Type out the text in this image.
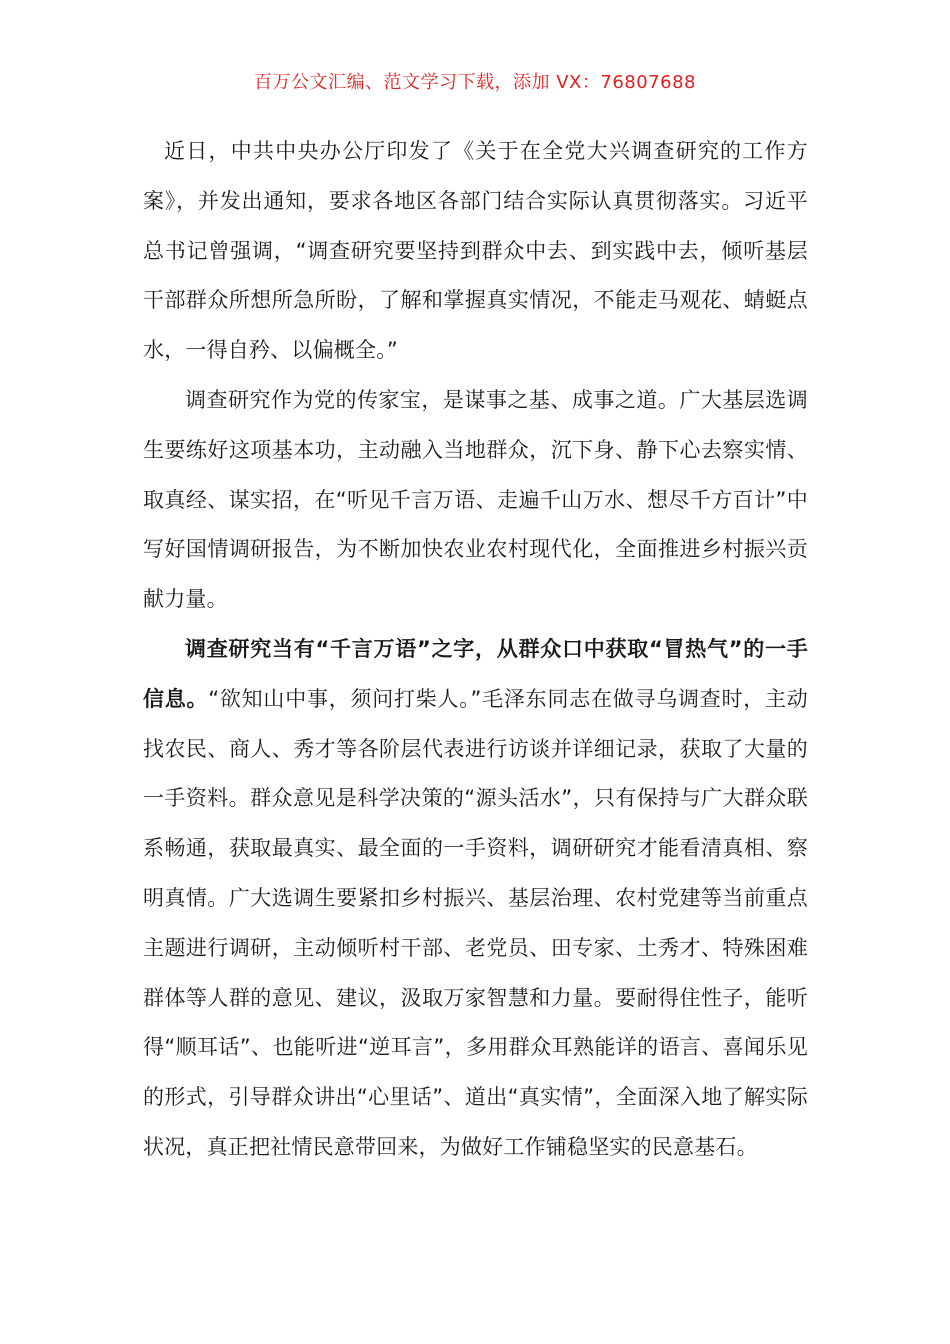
百万公文汇编、范文学习下载，添加 VX：76807688

近日，中共中央办公厅印发了《关于在全党大兴调查研究的工作方案》，并发出通知，要求各地区各部门结合实际认真贯彻落实。习近平总书记曾强调，“调查研究要坚持到群众中去、到实践中去，倾听基层干部群众所想所急所盼，了解和掌握真实情况，不能走马观花、蜻蜓点水，一得自矜、以偏概全。”

调查研究作为党的传家宝，是谋事之基、成事之道。广大基层选调生要练好这项基本功，主动融入当地群众，沉下身、静下心去察实情、取真经、谋实招，在“听见千言万语、走遍千山万水、想尽千方百计”中写好国情调研报告，为不断加快农业农村现代化，全面推进乡村振兴贡献力量。

调查研究当有“千言万语”之字，从群众口中获取“冒热气”的一手信息。“欲知山中事，须问打柴人。”毛泽东同志在做寻乌调查时，主动找农民、商人、秀才等各阶层代表进行访谈并详细记录，获取了大量的一手资料。群众意见是科学决策的“源头活水”，只有保持与广大群众联系畅通，获取最真实、最全面的一手资料，调研研究才能看清真相、察明真情。广大选调生要紧扣乡村振兴、基层治理、农村党建等当前重点主题进行调研，主动倾听村干部、老党员、田专家、土秀才、特殊困难群体等人群的意见、建议，汲取万家智慧和力量。要耐得住性子，能听得“顺耳话”、也能听进“逆耳言”，多用群众耳熟能详的语言、喜闻乐见的形式，引导群众讲出“心里话”、道出“真实情”，全面深入地了解实际状况，真正把社情民意带回来，为做好工作铺稳坚实的民意基石。
